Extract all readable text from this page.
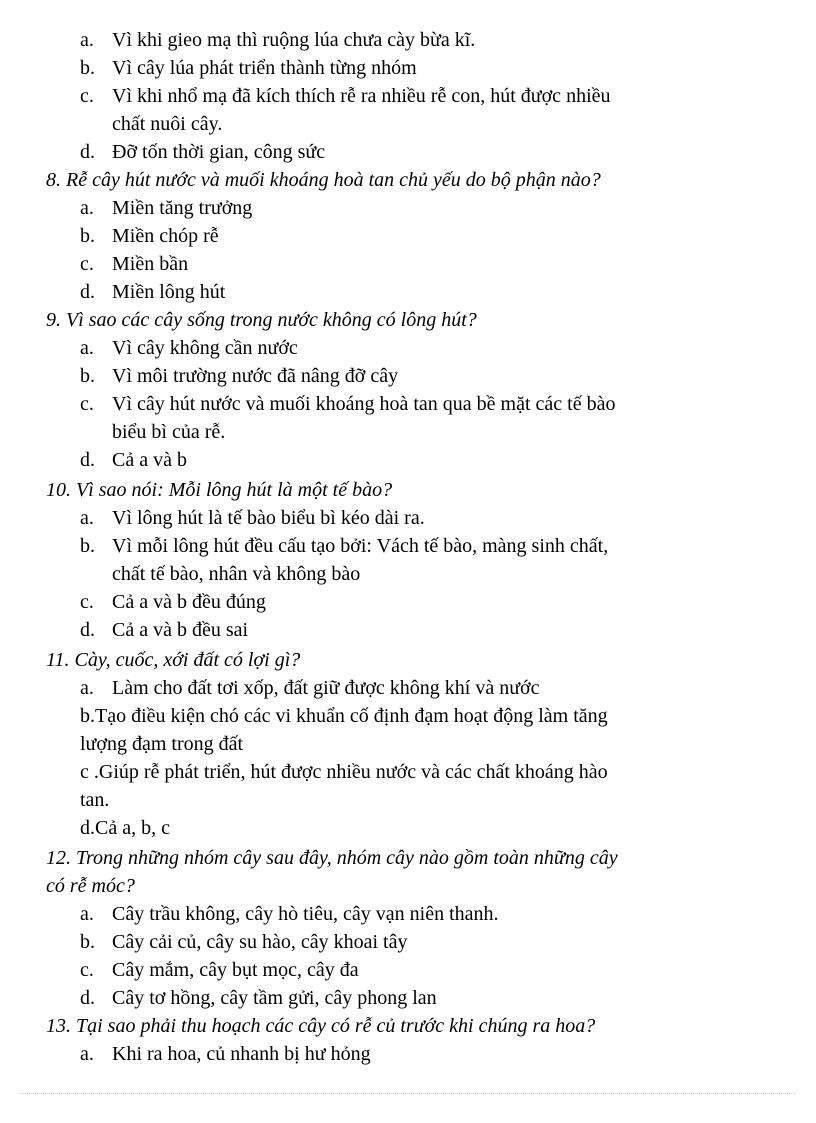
a. Vì khi gieo mạ thì ruộng lúa chưa cày bừa kĩ.
b. Vì cây lúa phát triển thành từng nhóm
c. Vì khi nhổ mạ đã kích thích rễ ra nhiều rễ con, hút được nhiều
chất nuôi cây.
d. Đỡ tốn thời gian, công sức
8. Rễ cây hút nước và muối khoáng hoà tan chủ yếu do bộ phận nào?
a. Miền tăng trưởng
b. Miền chóp rễ
c. Miền bần
d. Miền lông hút
9. Vì sao các cây sống trong nước không có lông hút?
a. Vì cây không cần nước
b. Vì môi trường nước đã nâng đỡ cây
c. Vì cây hút nước và muối khoáng hoà tan qua bề mặt các tế bào
biểu bì của rễ.
d. Cả a và b
10. Vì sao nói: Mỗi lông hút là một tế bào?
a. Vì lông hút là tế bào biểu bì kéo dài ra.
b. Vì mỗi lông hút đều cấu tạo bởi: Vách tế bào, màng sinh chất,
chất tế bào, nhân và không bào
c. Cả a và b đều đúng
d. Cả a và b đều sai
11. Cày, cuốc, xới đất có lợi gì?
a. Làm cho đất tơi xốp, đất giữ được không khí và nước
b.Tạo điều kiện chó các vi khuẩn cố định đạm hoạt động làm tăng
lượng đạm trong đất
c .Giúp rễ phát triển, hút được nhiều nước và các chất khoáng hào
tan.
d.Cả a, b, c
12. Trong những nhóm cây sau đây, nhóm cây nào gồm toàn những cây
có rễ móc?
a. Cây trầu không, cây hò tiêu, cây vạn niên thanh.
b. Cây cải củ, cây su hào, cây khoai tây
c. Cây mắm, cây bụt mọc, cây đa
d. Cây tơ hồng, cây tầm gửi, cây phong lan
13. Tại sao phải thu hoạch các cây có rễ củ trước khi chúng ra hoa?
a. Khi ra hoa, củ nhanh bị hư hỏng
